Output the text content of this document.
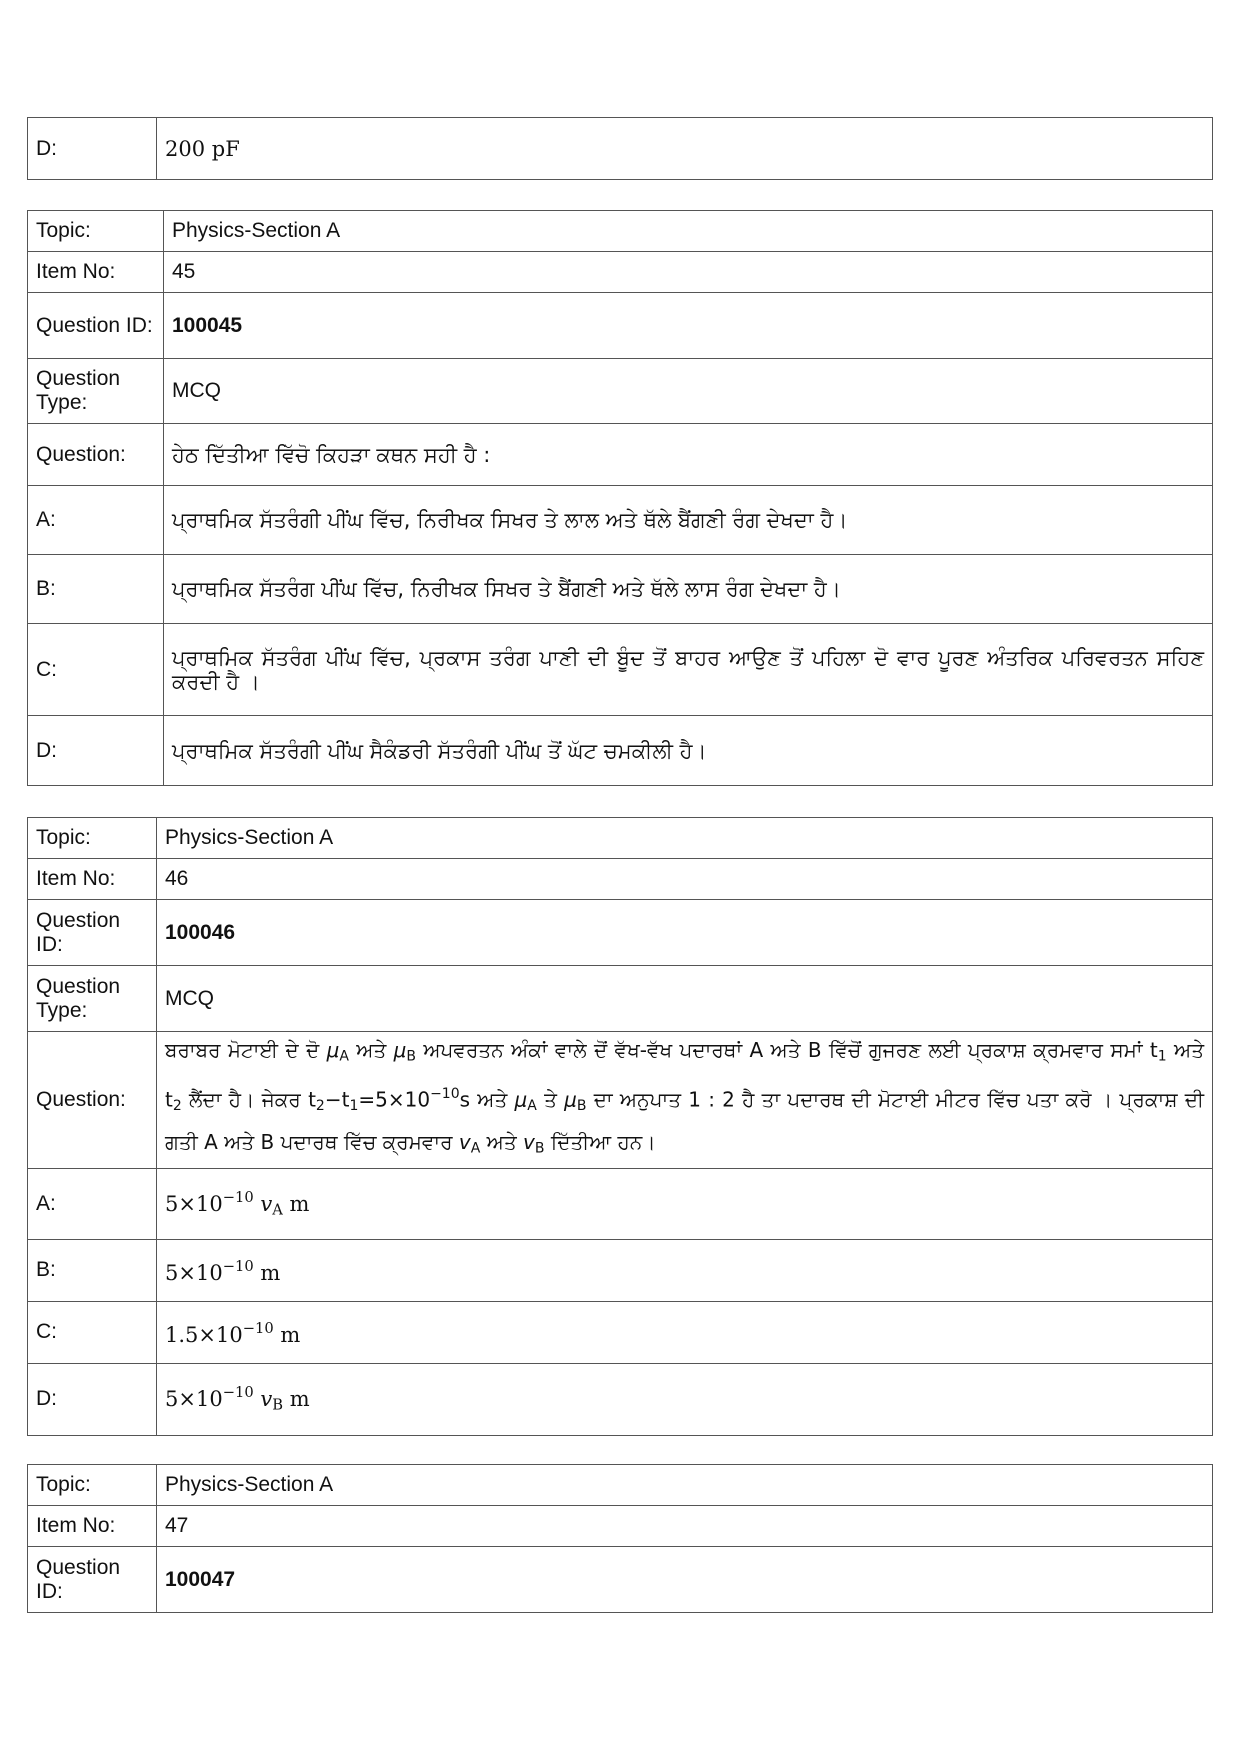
D:	200 pF
Topic:	Physics-Section A
Item No:	45
Question ID:	100045
Question Type:	MCQ
Question:	ਹੇਠ ਦਿੱਤੀਆ ਵਿੱਚੋ ਕਿਹੜਾ ਕਥਨ ਸਹੀ ਹੈ :
A:	ਪ੍ਰਾਥਮਿਕ ਸੱਤਰੰਗੀ ਪੀਂਘ ਵਿੱਚ, ਨਿਰੀਖਕ ਸਿਖਰ ਤੇ ਲਾਲ ਅਤੇ ਥੱਲੇ ਬੈਂਗਣੀ ਰੰਗ ਦੇਖਦਾ ਹੈ।
B:	ਪ੍ਰਾਥਮਿਕ ਸੱਤਰੰਗ ਪੀਂਘ ਵਿੱਚ, ਨਿਰੀਖਕ ਸਿਖਰ ਤੇ ਬੈਂਗਣੀ ਅਤੇ ਥੱਲੇ ਲਾਸ ਰੰਗ ਦੇਖਦਾ ਹੈ।
C:	ਪ੍ਰਾਥਮਿਕ ਸੱਤਰੰਗ ਪੀਂਘ ਵਿੱਚ, ਪ੍ਰਕਾਸ ਤਰੰਗ ਪਾਣੀ ਦੀ ਬੂੰਦ ਤੋਂ ਬਾਹਰ ਆਉਣ ਤੋਂ ਪਹਿਲਾ ਦੋ ਵਾਰ ਪੂਰਣ ਅੰਤਰਿਕ ਪਰਿਵਰਤਨ ਸਹਿਣ ਕਰਦੀ ਹੈ ।
D:	ਪ੍ਰਾਥਮਿਕ ਸੱਤਰੰਗੀ ਪੀਂਘ ਸੈਕੰਡਰੀ ਸੱਤਰੰਗੀ ਪੀਂਘ ਤੋਂ ਘੱਟ ਚਮਕੀਲੀ ਹੈ।
Topic:	Physics-Section A
Item No:	46
Question ID:	100046
Question Type:	MCQ
Question:	ਬਰਾਬਰ ਮੋਟਾਈ ਦੇ ਦੋ $\mu_A$ ਅਤੇ $\mu_B$ ਅਪਵਰਤਨ ਅੰਕਾਂ ਵਾਲੇ ਦੋਂ ਵੱਖ-ਵੱਖ ਪਦਾਰਥਾਂ A ਅਤੇ B ਵਿੱਚੋਂ ਗੁਜਰਣ ਲਈ ਪ੍ਰਕਾਸ਼ ਕ੍ਰਮਵਾਰ ਸਮਾਂ $t_1$ ਅਤੇ $t_2$ ਲੈਂਦਾ ਹੈ। ਜੇਕਰ $t_2-t_1=5\times 10^{-10}s$ ਅਤੇ $\mu_A$ ਤੇ $\mu_B$ ਦਾ ਅਨੁਪਾਤ 1 : 2 ਹੈ ਤਾ ਪਦਾਰਥ ਦੀ ਮੋਟਾਈ ਮੀਟਰ ਵਿੱਚ ਪਤਾ ਕਰੋ । ਪ੍ਰਕਾਸ਼ ਦੀ ਗਤੀ A ਅਤੇ B ਪਦਾਰਥ ਵਿੱਚ ਕ੍ਰਮਵਾਰ $v_A$ ਅਤੇ $v_B$ ਦਿੱਤੀਆ ਹਨ।
A:	$5\times 10^{-10}$ $v_A$ m
B:	$5\times 10^{-10}$ m
C:	$1.5\times 10^{-10}$ m
D:	$5\times 10^{-10}$ $v_B$ m
Topic:	Physics-Section A
Item No:	47
Question ID:	100047
